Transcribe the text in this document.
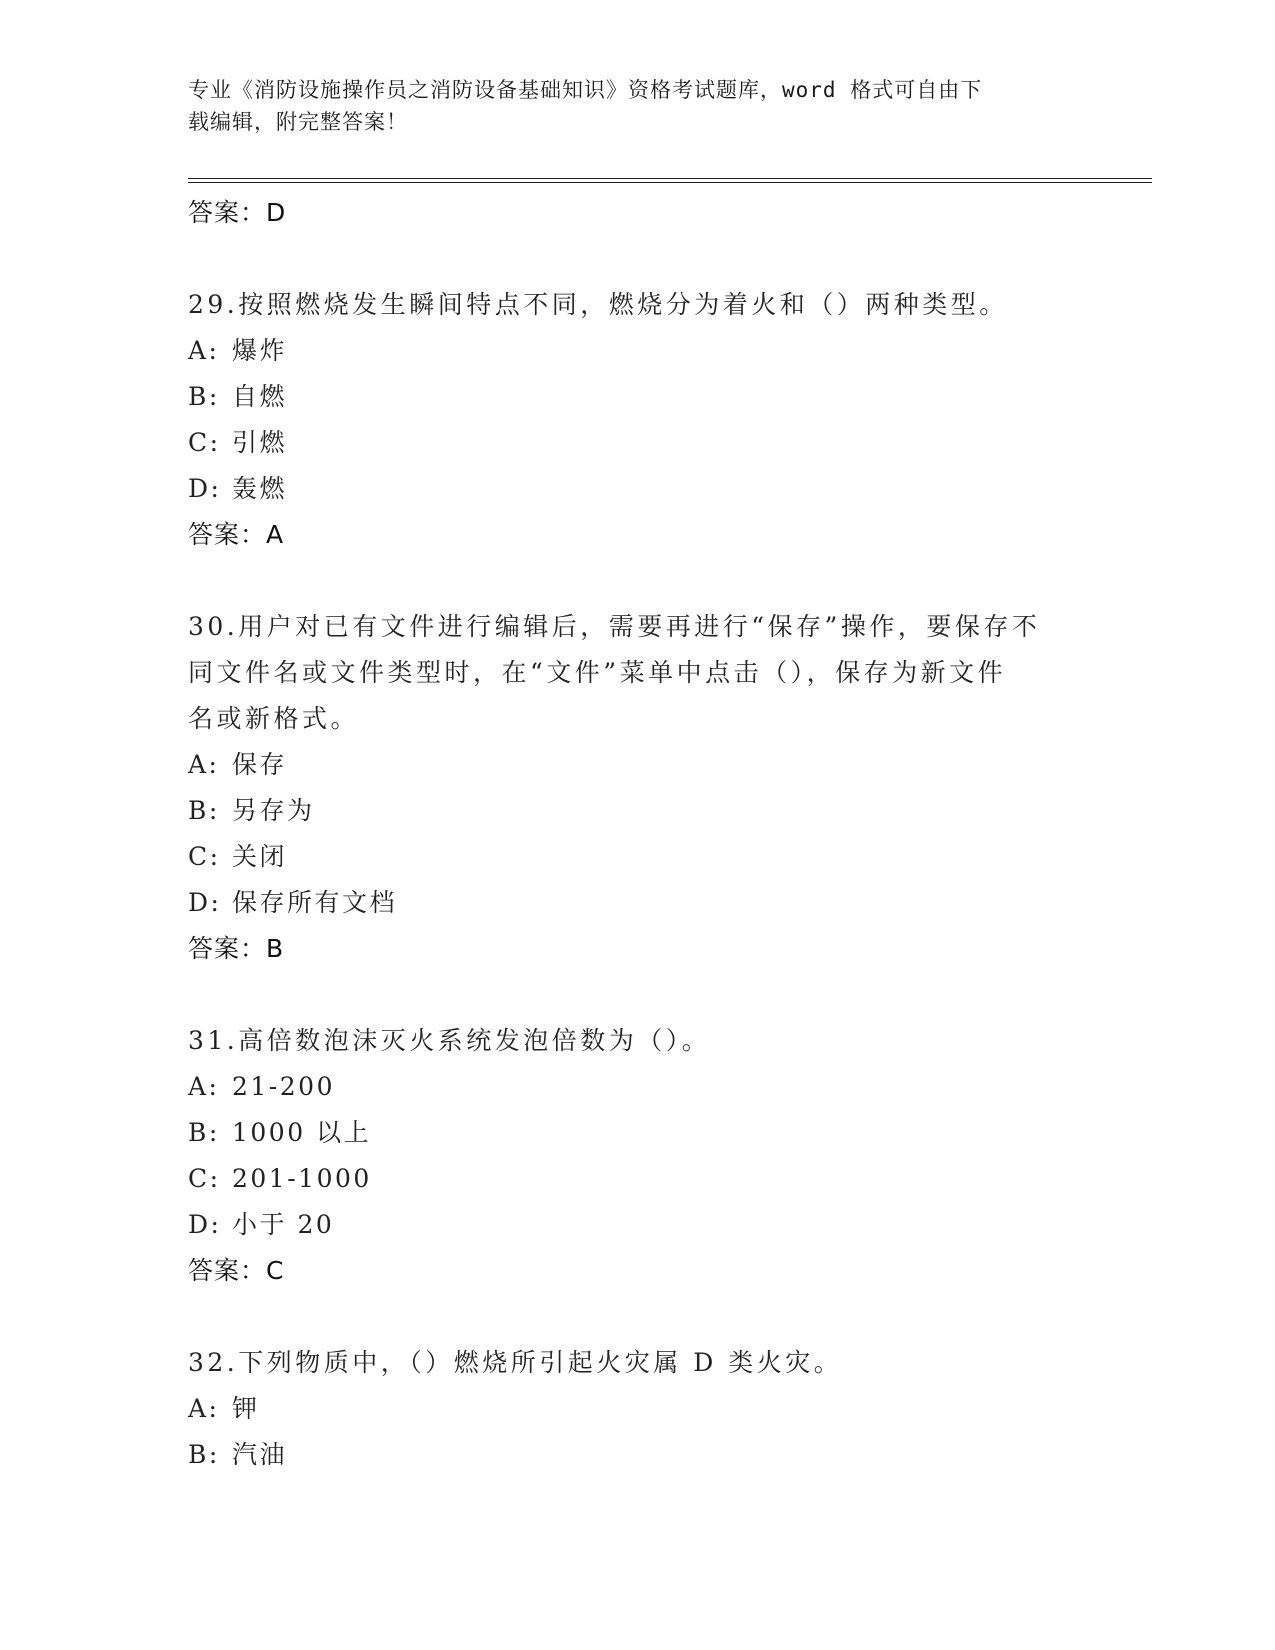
专业《消防设施操作员之消防设备基础知识》资格考试题库，word 格式可自由下
载编辑，附完整答案！
答案：D
29.按照燃烧发生瞬间特点不同，燃烧分为着火和（）两种类型。
A: 爆炸
B: 自燃
C: 引燃
D: 轰燃
答案：A
30.用户对已有文件进行编辑后，需要再进行“保存”操作，要保存不
同文件名或文件类型时，在“文件”菜单中点击（），保存为新文件
名或新格式。
A: 保存
B: 另存为
C: 关闭
D: 保存所有文档
答案：B
31.高倍数泡沫灭火系统发泡倍数为（）。
A: 21-200
B: 1000 以上
C: 201-1000
D: 小于 20
答案：C
32.下列物质中，（）燃烧所引起火灾属 D 类火灾。
A: 钾
B: 汽油
